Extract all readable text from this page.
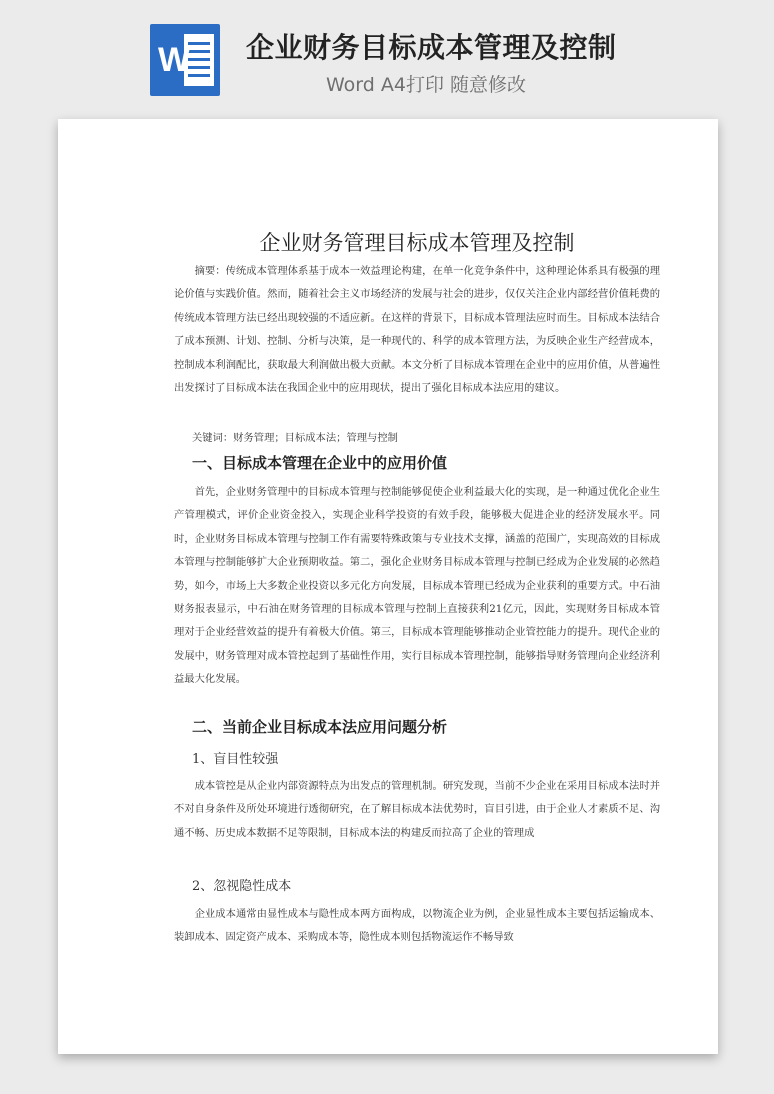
W 企业财务目标成本管理及控制
Word A4打印 随意修改
企业财务管理目标成本管理及控制

摘要：传统成本管理体系基于成本一效益理论构建，在单一化竞争条件中，这种理论体系具有极强的理论价值与实践价值。然而，随着社会主义市场经济的发展与社会的进步，仅仅关注企业内部经营价值耗费的传统成本管理方法已经出现较强的不适应新。在这样的背景下，目标成本管理法应时而生。目标成本法结合了成本预测、计划、控制、分析与决策，是一种现代的、科学的成本管理方法，为反映企业生产经营成本，控制成本利润配比，获取最大利润做出极大贡献。本文分析了目标成本管理在企业中的应用价值，从普遍性出发探讨了目标成本法在我国企业中的应用现状，提出了强化目标成本法应用的建议。

关键词：财务管理；目标成本法；管理与控制
一、目标成本管理在企业中的应用价值

首先，企业财务管理中的目标成本管理与控制能够促使企业利益最大化的实现，是一种通过优化企业生产管理模式，评价企业资金投入，实现企业科学投资的有效手段，能够极大促进企业的经济发展水平。同时，企业财务目标成本管理与控制工作有需要特殊政策与专业技术支撑，涵盖的范围广，实现高效的目标成本管理与控制能够扩大企业预期收益。第二，强化企业财务目标成本管理与控制已经成为企业发展的必然趋势，如今，市场上大多数企业投资以多元化方向发展，目标成本管理已经成为企业获利的重要方式。中石油财务报表显示，中石油在财务管理的目标成本管理与控制上直接获利21亿元，因此，实现财务目标成本管理对于企业经营效益的提升有着极大价值。第三，目标成本管理能够推动企业管控能力的提升。现代企业的发展中，财务管理对成本管控起到了基础性作用，实行目标成本管理控制，能够指导财务管理向企业经济利益最大化发展。

二、当前企业目标成本法应用问题分析
1、盲目性较强

成本管控是从企业内部资源特点为出发点的管理机制。研究发现，当前不少企业在采用目标成本法时并不对自身条件及所处环境进行透彻研究，在了解目标成本法优势时，盲目引进，由于企业人才素质不足、沟通不畅、历史成本数据不足等限制，目标成本法的构建反而拉高了企业的管理成

2、忽视隐性成本

企业成本通常由显性成本与隐性成本两方面构成，以物流企业为例，企业显性成本主要包括运输成本、装卸成本、固定资产成本、采购成本等，隐性成本则包括物流运作不畅导致
